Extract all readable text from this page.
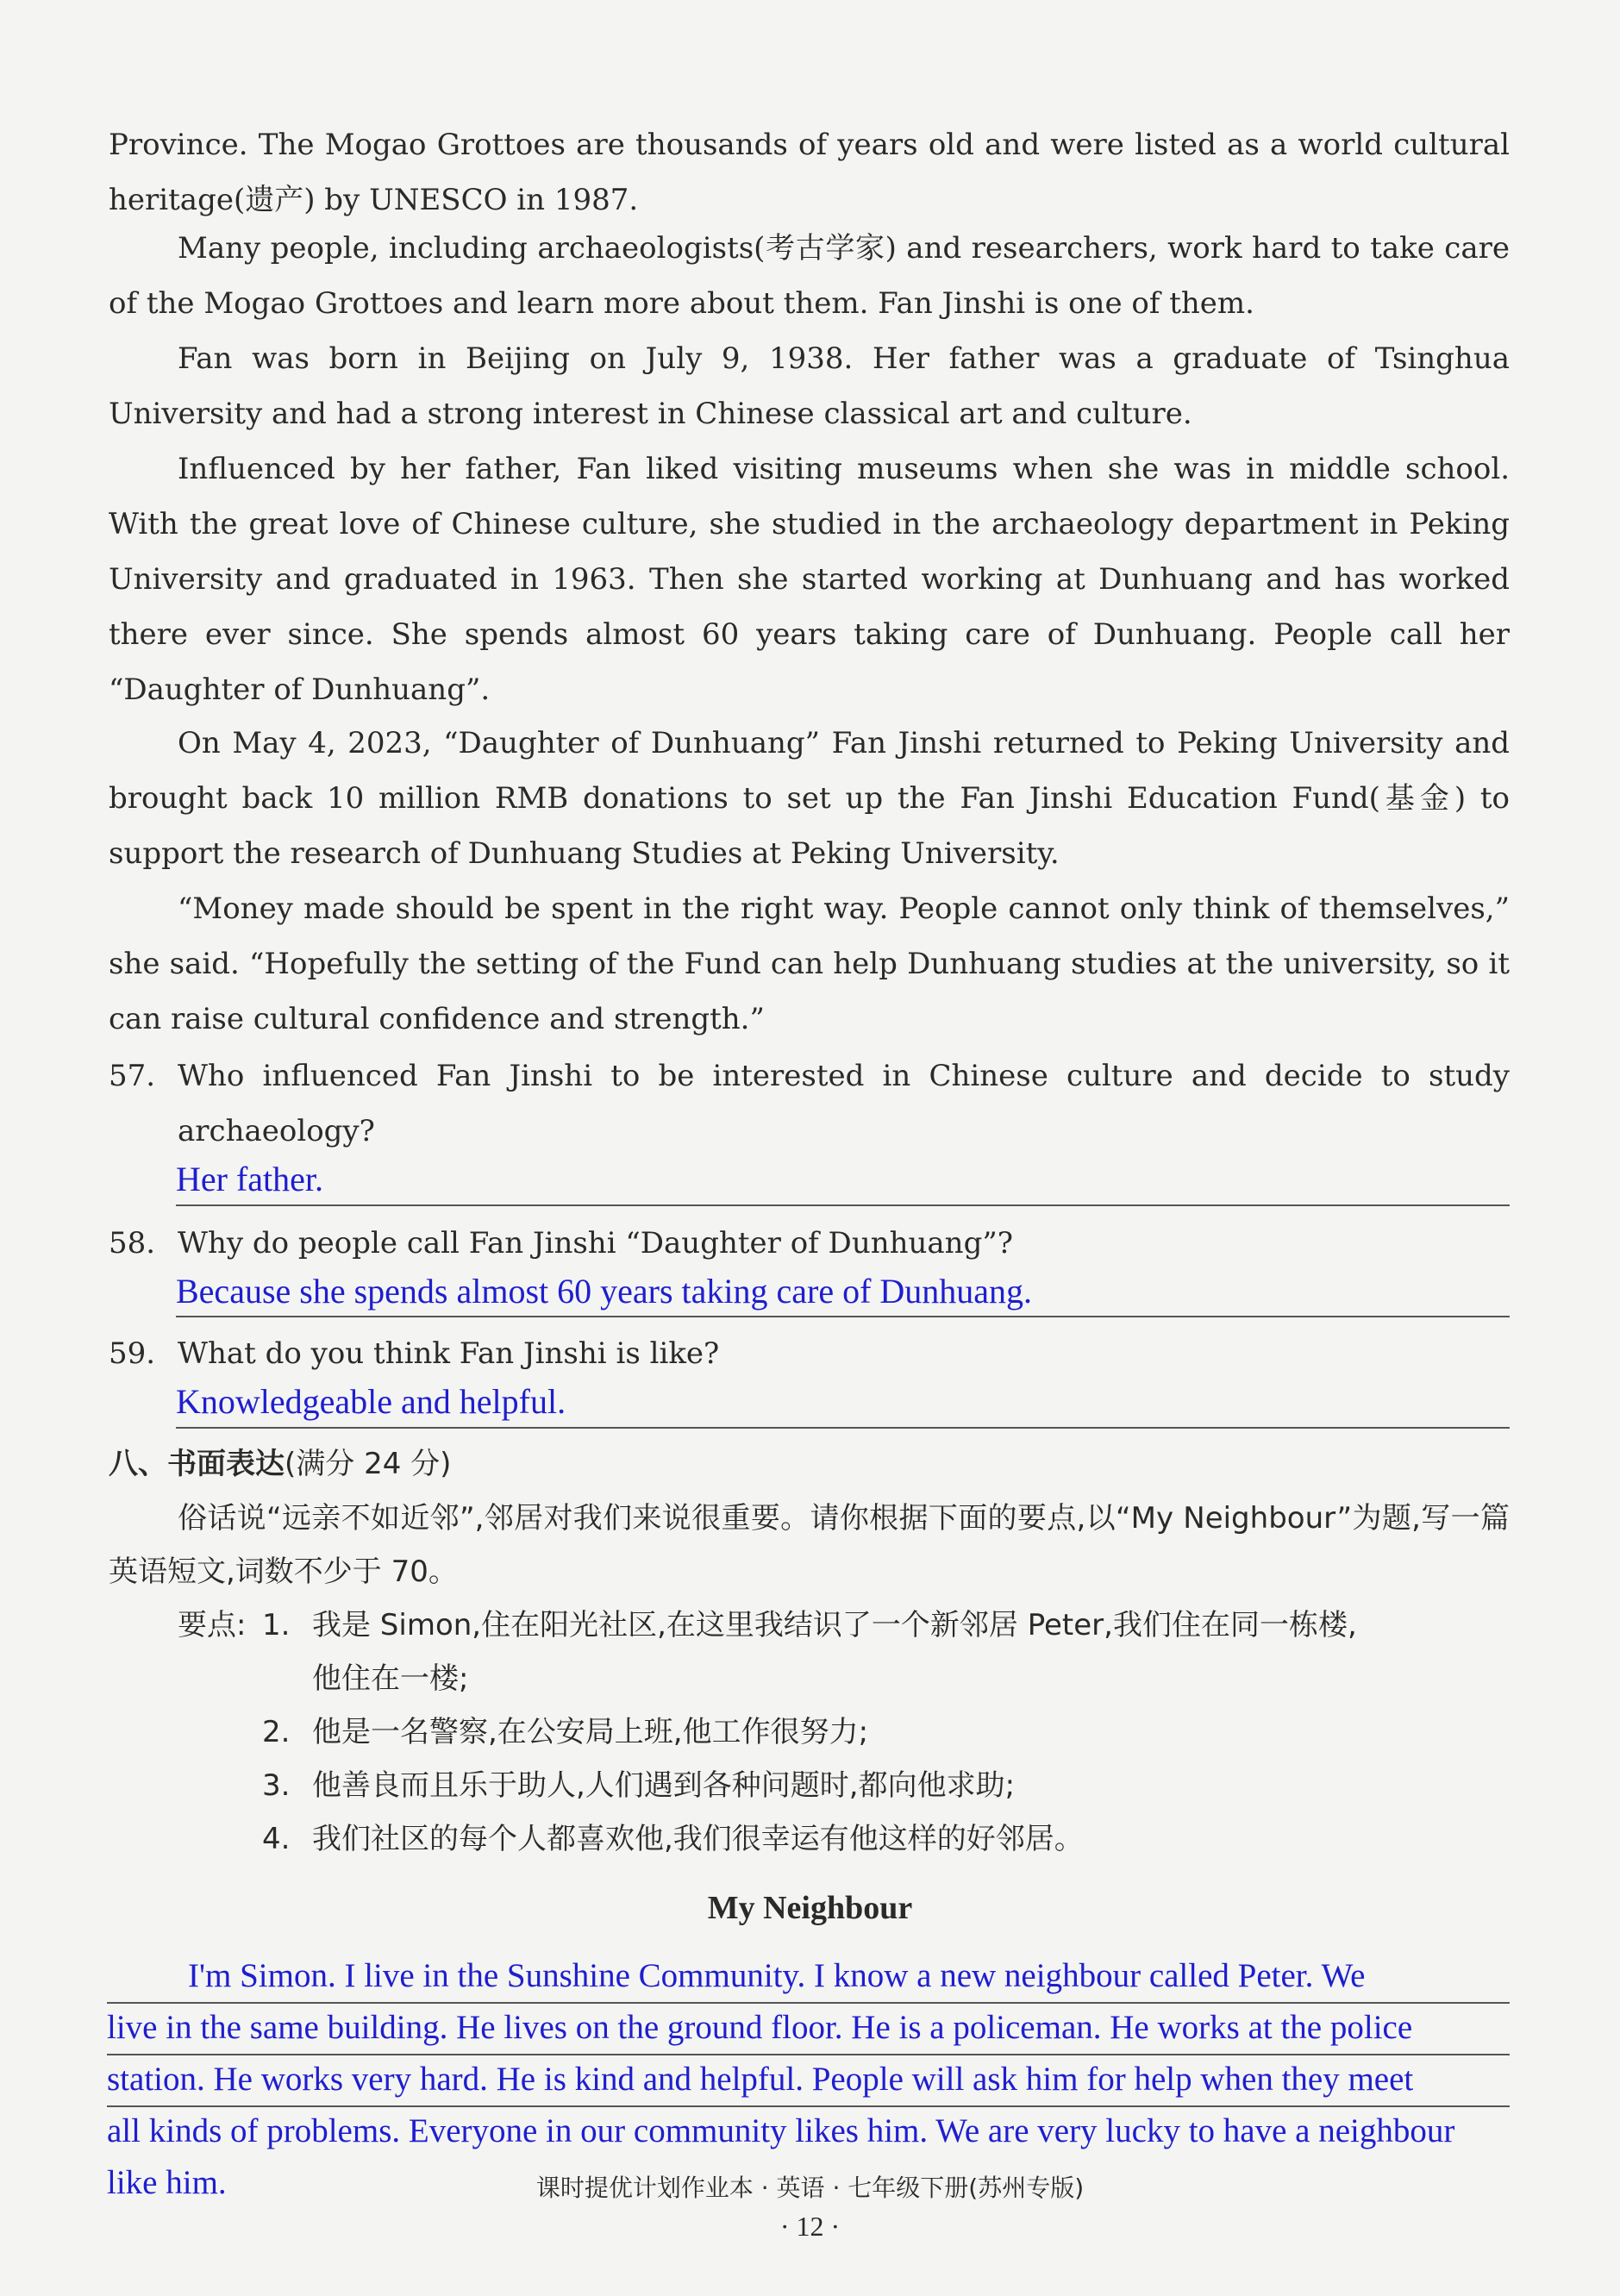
Province. The Mogao Grottoes are thousands of years old and were listed as a world cultural heritage(遗产) by UNESCO in 1987.

Many people, including archaeologists(考古学家) and researchers, work hard to take care of the Mogao Grottoes and learn more about them. Fan Jinshi is one of them.

Fan was born in Beijing on July 9, 1938. Her father was a graduate of Tsinghua University and had a strong interest in Chinese classical art and culture.

Influenced by her father, Fan liked visiting museums when she was in middle school. With the great love of Chinese culture, she studied in the archaeology department in Peking University and graduated in 1963. Then she started working at Dunhuang and has worked there ever since. She spends almost 60 years taking care of Dunhuang. People call her “Daughter of Dunhuang”.

On May 4, 2023, “Daughter of Dunhuang” Fan Jinshi returned to Peking University and brought back 10 million RMB donations to set up the Fan Jinshi Education Fund(基金) to support the research of Dunhuang Studies at Peking University.

“Money made should be spent in the right way. People cannot only think of themselves,” she said. “Hopefully the setting of the Fund can help Dunhuang studies at the university, so it can raise cultural confidence and strength.”

57. Who influenced Fan Jinshi to be interested in Chinese culture and decide to study archaeology?
Her father.
58. Why do people call Fan Jinshi “Daughter of Dunhuang”?
Because she spends almost 60 years taking care of Dunhuang.
59. What do you think Fan Jinshi is like?
Knowledgeable and helpful.
八、书面表达(满分 24 分)

俗话说“远亲不如近邻”,邻居对我们来说很重要。请你根据下面的要点,以“My Neighbour”为题,写一篇英语短文,词数不少于 70。

要点: 1. 我是 Simon,住在阳光社区,在这里我结识了一个新邻居 Peter,我们住在同一栋楼,
他住在一楼;
2. 他是一名警察,在公安局上班,他工作很努力;
3. 他善良而且乐于助人,人们遇到各种问题时,都向他求助;
4. 我们社区的每个人都喜欢他,我们很幸运有他这样的好邻居。
My Neighbour
I'm Simon. I live in the Sunshine Community. I know a new neighbour called Peter. We
live in the same building. He lives on the ground floor. He is a policeman. He works at the police
station. He works very hard. He is kind and helpful. People will ask him for help when they meet
all kinds of problems. Everyone in our community likes him. We are very lucky to have a neighbour
like him.	课时提优计划作业本 · 英语 · 七年级下册(苏州专版)
· 12 ·
